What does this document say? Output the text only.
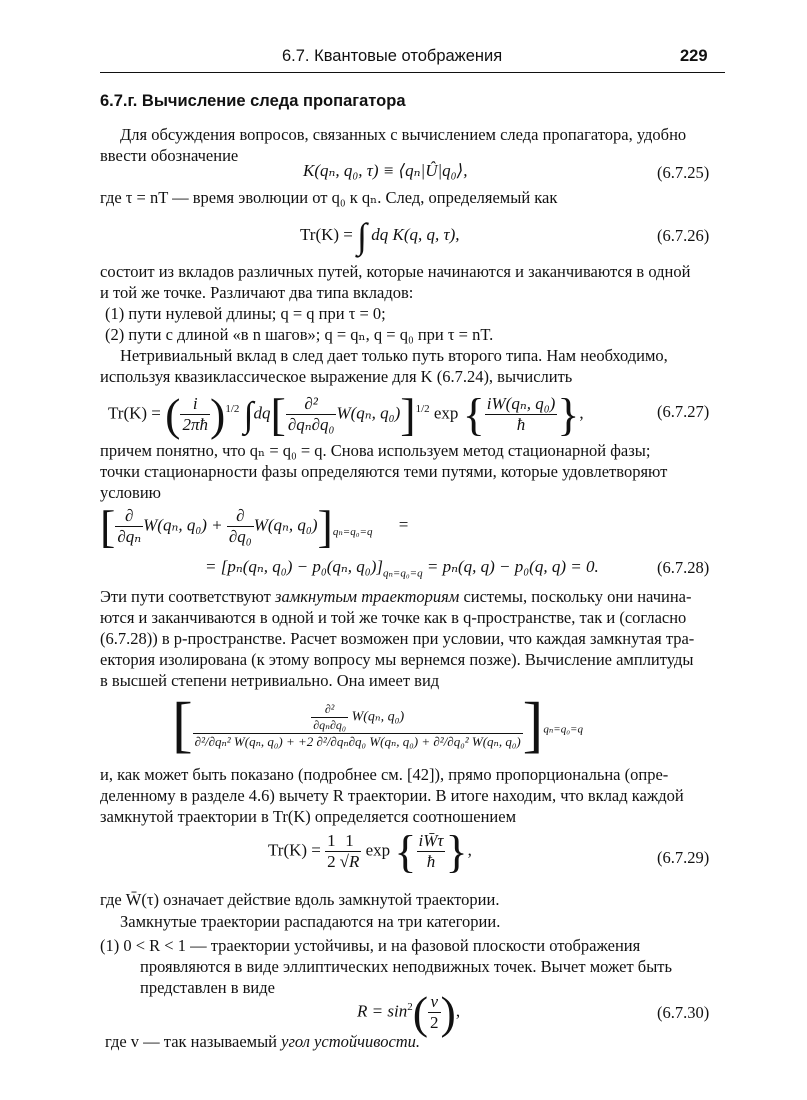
6.7. Квантовые отображения	229
6.7.г. Вычисление следа пропагатора
Для обсуждения вопросов, связанных с вычислением следа пропагатора, удобно
ввести обозначение
K(qₙ, q₀, τ) ≡ ⟨qₙ|Û|q₀⟩,	(6.7.25)
где τ = nT — время эволюции от q₀ к qₙ. След, определяемый как
Tr(K) = ∫ dq K(q, q, τ),	(6.7.26)
состоит из вкладов различных путей, которые начинаются и заканчиваются в одной
и той же точке. Различают два типа вкладов:
(1) пути нулевой длины; q = q при τ = 0;
(2) пути с длиной «в n шагов»; q = qₙ, q = q₀ при τ = nT.
Нетривиальный вклад в след дает только путь второго типа. Нам необходимо,
используя квазиклассическое выражение для K (6.7.24), вычислить
Tr(K) = ( $\frac{i}{2\pi ħ} )^{1/2}$ $\int dq[ \frac{\text{∂²}}{\text{∂qₙ∂q₀}} W(q_n$, q₀)]$^{1/2}$ exp { $\frac{\text{iW(qₙ, q₀)}}{ħ}$ },	(6.7.27)
причем понятно, что qₙ = q₀ = q. Снова используем метод стационарной фазы;
точки стационарности фазы определяются теми путями, которые удовлетворяют
условию
[ $\frac{\partial}{\text{∂qₙ}} W(q_n$, $q_0) + \frac{\partial}{\text{∂q₀}} W(q_n$, $q_0)]_{q_n=q_0=q}$ =
= [pₙ(qₙ, q₀) − p₀(qₙ, $q_0)]_{q_n=q_0=q} = p_n(q$, q) − p₀(q, q) = 0.	(6.7.28)
Эти пути соответствуют замкнутым траекториям системы, поскольку они начина-
ются и заканчиваются в одной и той же точке как в q-пространстве, так и (согласно
(6.7.28)) в p-пространстве. Расчет возможен при условии, что каждая замкнутая тра-
ектория изолирована (к этому вопросу мы вернемся позже). Вычисление амплитуды
в высшей степени нетривиально. Она имеет вид
[	$\frac{\text{∂²}}{\text{∂qₙ∂q₀}} W(q_n$, q₀)
∂²/∂qₙ² W(qₙ, q₀) + +2 ∂²/∂qₙ∂q₀ W(qₙ, q₀) + ∂²/∂q₀² W(qₙ, q₀) ]$_{q_n=q_0=q}$
и, как может быть показано (подробнее см. [42]), прямо пропорциональна (опре-
деленному в разделе 4.6) вычету R траектории. В итоге находим, что вклад каждой
замкнутой траектории в Tr(K) определяется соотношением
$Tr(K) = \frac{1}{2} \frac{1}{√R}$ exp { $\frac{iW̄\tau}{ħ}$ },	(6.7.29)
где W̄(τ) означает действие вдоль замкнутой траектории.
Замкнутые траектории распадаются на три категории.
(1) 0 < R < 1 — траектории устойчивы, и на фазовой плоскости отображения
проявляются в виде эллиптических неподвижных точек. Вычет может быть
представлен в виде
$R = \sin^2( \frac{v}{2}$ ),	(6.7.30)
где v — так называемый угол устойчивости.
